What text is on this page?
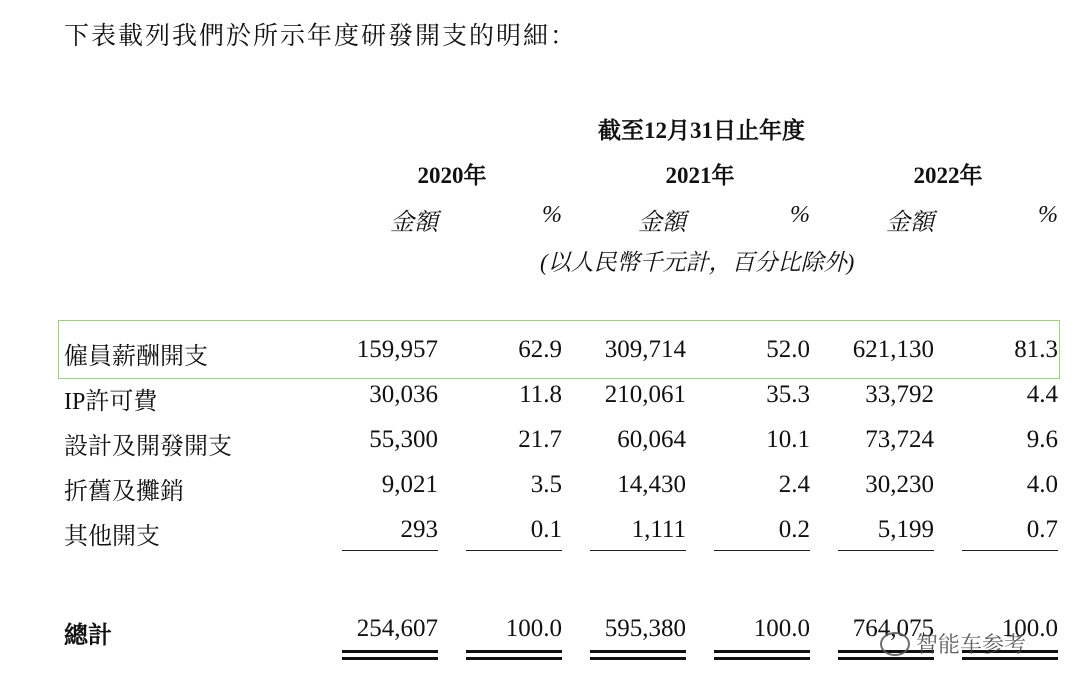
下表載列我們於所示年度研發開支的明細：
截至12月31日止年度
2020年	2021年	2022年
金額	%	金額	%	金額	%
(以人民幣千元計，百分比除外)
僱員薪酬開支	159,957	62.9	309,714	52.0	621,130	81.3
IP許可費	30,036	11.8	210,061	35.3	33,792	4.4
設計及開發開支	55,300	21.7	60,064	10.1	73,724	9.6
折舊及攤銷	9,021	3.5	14,430	2.4	30,230	4.0
其他開支	293	0.1	1,111	0.2	5,199	0.7
總計	254,607	100.0	595,380	100.0	764,075	100.0
智能车参考
